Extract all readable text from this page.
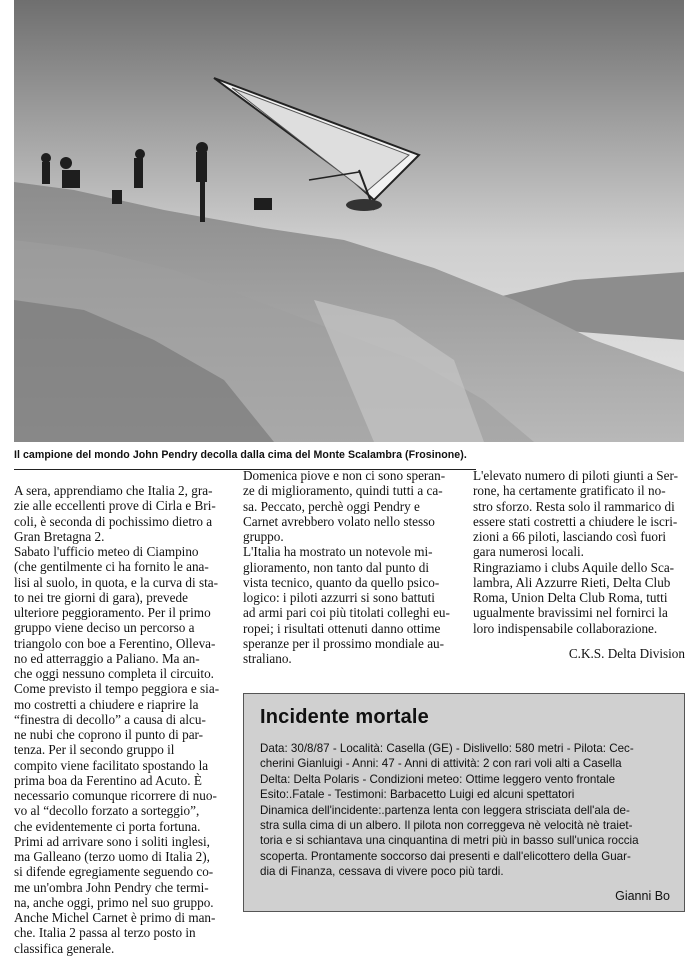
Il campione del mondo John Pendry decolla dalla cima del Monte Scalambra (Frosinone).

A sera, apprendiamo che Italia 2, gra-
zie alle eccellenti prove di Cirla e Bri-
coli, è seconda di pochissimo dietro a
Gran Bretagna 2.
Sabato l'ufficio meteo di Ciampino
(che gentilmente ci ha fornito le ana-
lisi al suolo, in quota, e la curva di sta-
to nei tre giorni di gara), prevede
ulteriore peggioramento. Per il primo
gruppo viene deciso un percorso a
triangolo con boe a Ferentino, Olleva-
no ed atterraggio a Paliano. Ma an-
che oggi nessuno completa il circuito.
Come previsto il tempo peggiora e sia-
mo costretti a chiudere e riaprire la
“finestra di decollo” a causa di alcu-
ne nubi che coprono il punto di par-
tenza. Per il secondo gruppo il
compito viene facilitato spostando la
prima boa da Ferentino ad Acuto. È
necessario comunque ricorrere di nuo-
vo al “decollo forzato a sorteggio”,
che evidentemente ci porta fortuna.
Primi ad arrivare sono i soliti inglesi,
ma Galleano (terzo uomo di Italia 2),
si difende egregiamente seguendo co-
me un'ombra John Pendry che termi-
na, anche oggi, primo nel suo gruppo.
Anche Michel Carnet è primo di man-
che. Italia 2 passa al terzo posto in
classifica generale.

Domenica piove e non ci sono speran-
ze di miglioramento, quindi tutti a ca-
sa. Peccato, perchè oggi Pendry e
Carnet avrebbero volato nello stesso
gruppo.
L'Italia ha mostrato un notevole mi-
glioramento, non tanto dal punto di
vista tecnico, quanto da quello psico-
logico: i piloti azzurri si sono battuti
ad armi pari coi più titolati colleghi eu-
ropei; i risultati ottenuti danno ottime
speranze per il prossimo mondiale au-
straliano.

L'elevato numero di piloti giunti a Ser-
rone, ha certamente gratificato il no-
stro sforzo. Resta solo il rammarico di
essere stati costretti a chiudere le iscri-
zioni a 66 piloti, lasciando così fuori
gara numerosi locali.
Ringraziamo i clubs Aquile dello Sca-
lambra, Ali Azzurre Rieti, Delta Club
Roma, Union Delta Club Roma, tutti
ugualmente bravissimi nel fornirci la
loro indispensabile collaborazione.

C.K.S. Delta Division

Incidente mortale
Data: 30/8/87 - Località: Casella (GE) - Dislivello: 580 metri - Pilota: Cec-
cherini Gianluigi - Anni: 47 - Anni di attività: 2 con rari voli alti a Casella
Delta: Delta Polaris - Condizioni meteo: Ottime leggero vento frontale
Esito:.Fatale - Testimoni: Barbacetto Luigi ed alcuni spettatori
Dinamica dell'incidente:.partenza lenta con leggera strisciata dell'ala de-
stra sulla cima di un albero. Il pilota non correggeva nè velocità nè traiet-
toria e si schiantava una cinquantina di metri più in basso sull'unica roccia
scoperta. Prontamente soccorso dai presenti e dall'elicottero della Guar-
dia di Finanza, cessava di vivere poco più tardi.
Gianni Bo
